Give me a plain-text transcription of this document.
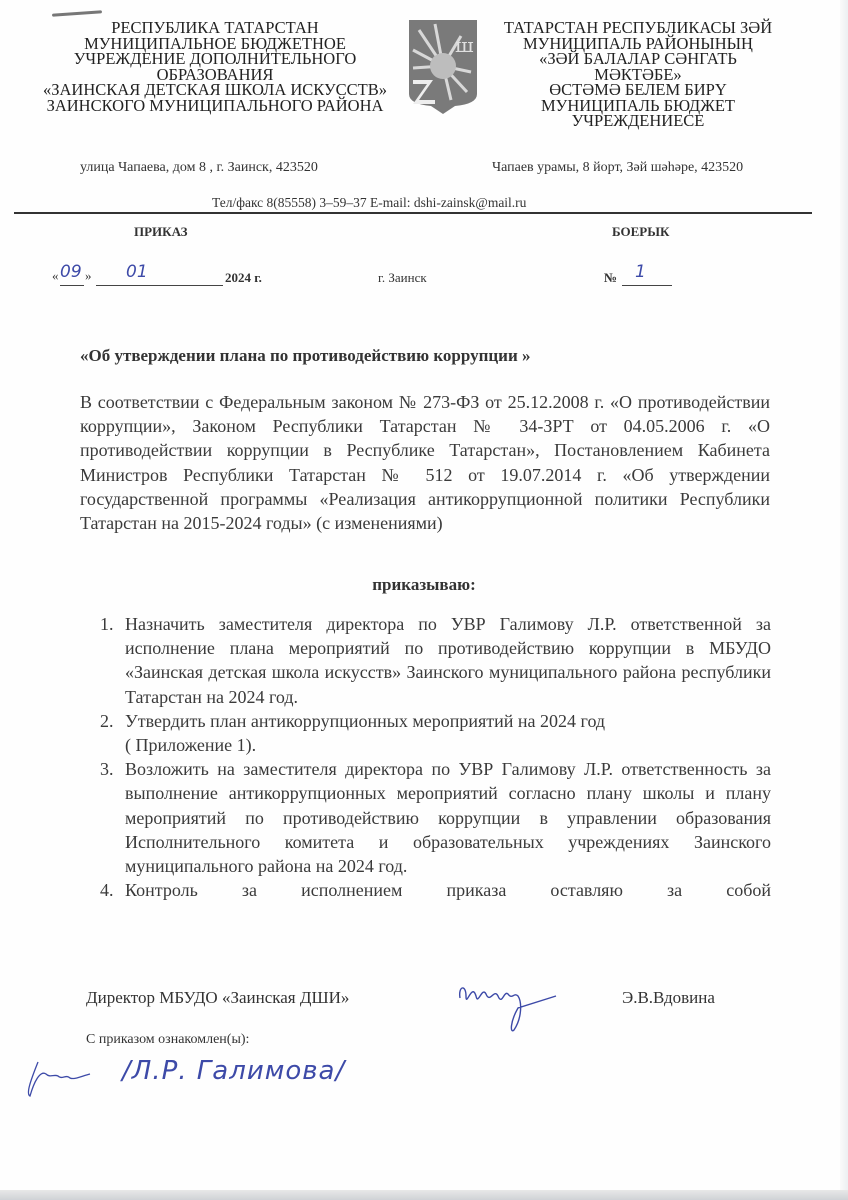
РЕСПУБЛИКА ТАТАРСТАН
МУНИЦИПАЛЬНОЕ БЮДЖЕТНОЕ
УЧРЕЖДЕНИЕ ДОПОЛНИТЕЛЬНОГО
ОБРАЗОВАНИЯ
«ЗАИНСКАЯ ДЕТСКАЯ ШКОЛА ИСКУССТВ»
ЗАИНСКОГО МУНИЦИПАЛЬНОГО РАЙОНА
ш
ТАТАРСТАН РЕСПУБЛИКАСЫ ЗӘЙ
МУНИЦИПАЛЬ РАЙОНЫНЫҢ
«ЗӘЙ БАЛАЛАР СӘНГАТЬ
МӘКТӘБЕ»
ӨСТӘМӘ БЕЛЕМ БИРҮ
МУНИЦИПАЛЬ БЮДЖЕТ
УЧРЕЖДЕНИЕСЕ
улица Чапаева, дом 8 , г. Заинск, 423520	Чапаев урамы, 8 йорт, Зәй шәһәре, 423520
Тел/факс 8(85558) 3–59–37 E-mail: dshi-zainsk@mail.ru
ПРИКАЗ	БОЕРЫК
« 09 » 01	2024 г.	г. Заинск	№ 1
«Об утверждении плана по противодействию коррупции »
В соответствии с Федеральным законом № 273-ФЗ от 25.12.2008 г. «О противодействии коррупции», Законом Республики Татарстан № 34-ЗРТ от 04.05.2006 г. «О противодействии коррупции в Республике Татарстан», Постановлением Кабинета Министров Республики Татарстан № 512 от 19.07.2014 г. «Об утверждении государственной программы «Реализация антикоррупционной политики Республики Татарстан на 2015-2024 годы» (с изменениями)
приказываю:
1. Назначить заместителя директора по УВР Галимову Л.Р. ответственной за исполнение плана мероприятий по противодействию коррупции в МБУДО «Заинская детская школа искусств» Заинского муниципального района республики Татарстан на 2024 год.
2. Утвердить план антикоррупционных мероприятий на 2024 год
( Приложение 1).
3. Возложить на заместителя директора по УВР Галимову Л.Р. ответственность за выполнение антикоррупционных мероприятий согласно плану школы и плану мероприятий по противодействию коррупции в управлении образования Исполнительного комитета и образовательных учреждениях Заинского муниципального района на 2024 год.
4. Контроль за исполнением приказа оставляю за собой
Директор МБУДО «Заинская ДШИ»	Э.В.Вдовина
С приказом ознакомлен(ы):
/Л.Р. Галимова/
